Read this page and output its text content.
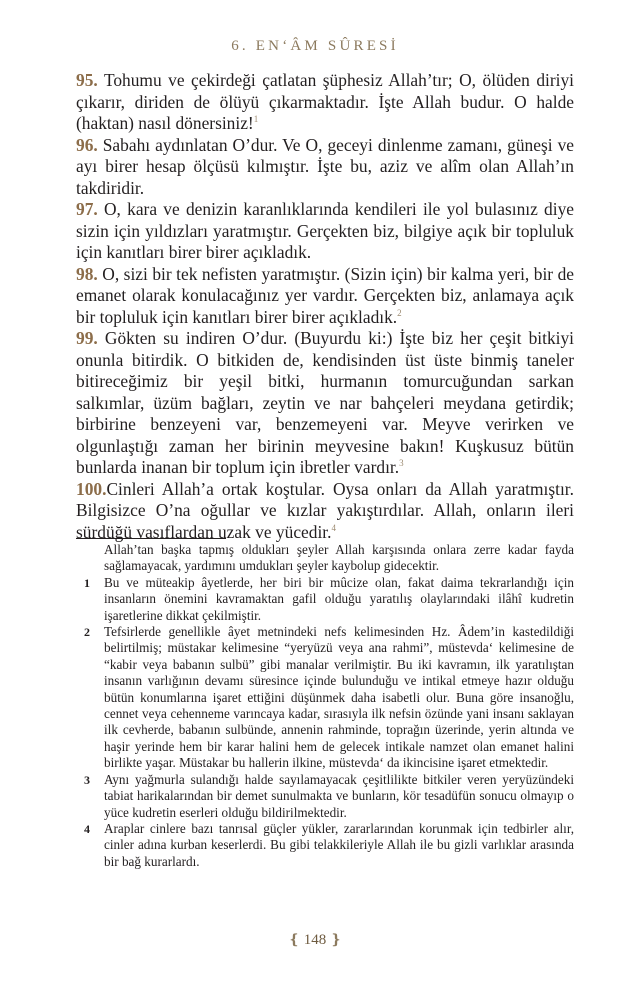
6. EN‘ÂM SÛRESİ

95. Tohumu ve çekirdeği çatlatan şüphesiz Allah’tır; O, ölüden diriyi çıkarır, diriden de ölüyü çıkarmaktadır. İşte Allah budur. O halde (haktan) nasıl dönersiniz!$^1$

96. Sabahı aydınlatan O’dur. Ve O, geceyi dinlenme zamanı, güneşi ve ayı birer hesap ölçüsü kılmıştır. İşte bu, aziz ve alîm olan Allah’ın takdiridir.

97. O, kara ve denizin karanlıklarında kendileri ile yol bulasınız diye sizin için yıldızları yaratmıştır. Gerçekten biz, bilgiye açık bir topluluk için kanıtları birer birer açıkladık.

98. O, sizi bir tek nefisten yaratmıştır. (Sizin için) bir kalma yeri, bir de emanet olarak konulacağınız yer vardır. Gerçekten biz, anlamaya açık bir topluluk için kanıtları birer birer açıkladık.$^2$

99. Gökten su indiren O’dur. (Buyurdu ki:) İşte biz her çeşit bitkiyi onunla bitirdik. O bitkiden de, kendisinden üst üste binmiş taneler bitireceğimiz bir yeşil bitki, hurmanın tomurcuğundan sarkan salkımlar, üzüm bağları, zeytin ve nar bahçeleri meydana getirdik; birbirine benzeyeni var, benzemeyeni var. Meyve verirken ve olgunlaştığı zaman her birinin meyvesine bakın! Kuşkusuz bütün bunlarda inanan bir toplum için ibretler vardır.$^3$

100.Cinleri Allah’a ortak koştular. Oysa onları da Allah yaratmıştır. Bilgisizce O’na oğullar ve kızlar yakıştırdılar. Allah, onların ileri sürdüğü vasıflardan uzak ve yücedir.$^4$

Allah’tan başka tapmış oldukları şeyler Allah karşısında onlara zerre kadar fayda sağlamayacak, yardımını umdukları şeyler kaybolup gidecektir.

1 Bu ve müteakip âyetlerde, her biri bir mûcize olan, fakat daima tekrarlandığı için insanların önemini kavramaktan gafil olduğu yaratılış olaylarındaki ilâhî kudretin işaretlerine dikkat çekilmiştir.

2 Tefsirlerde genellikle âyet metnindeki nefs kelimesinden Hz. Âdem’in kastedildiği belirtilmiş; müstakar kelimesine “yeryüzü veya ana rahmi”, müstevda‘ kelimesine de “kabir veya babanın sulbü” gibi manalar verilmiştir. Bu iki kavramın, ilk yaratılıştan insanın varlığının devamı süresince içinde bulunduğu ve intikal etmeye hazır olduğu bütün konumlarına işaret ettiğini düşünmek daha isabetli olur. Buna göre insanoğlu, cennet veya cehenneme varıncaya kadar, sırasıyla ilk nefsin özünde yani insanı saklayan ilk cevherde, babanın sulbünde, annenin rahminde, toprağın üzerinde, yerin altında ve haşir yerinde hem bir karar halini hem de gelecek intikale namzet olan emanet halini birlikte yaşar. Müstakar bu hallerin ilkine, müstevda‘ da ikincisine işaret etmektedir.

3 Aynı yağmurla sulandığı halde sayılamayacak çeşitlilikte bitkiler veren yeryüzündeki tabiat harikalarından bir demet sunulmakta ve bunların, kör tesadüfün sonucu olmayıp o yüce kudretin eserleri olduğu bildirilmektedir.

4 Araplar cinlere bazı tanrısal güçler yükler, zararlarından korunmak için tedbirler alır, cinler adına kurban keserlerdi. Bu gibi telakkileriyle Allah ile bu gizli varlıklar arasında bir bağ kurarlardı.

❴ 148 ❵
